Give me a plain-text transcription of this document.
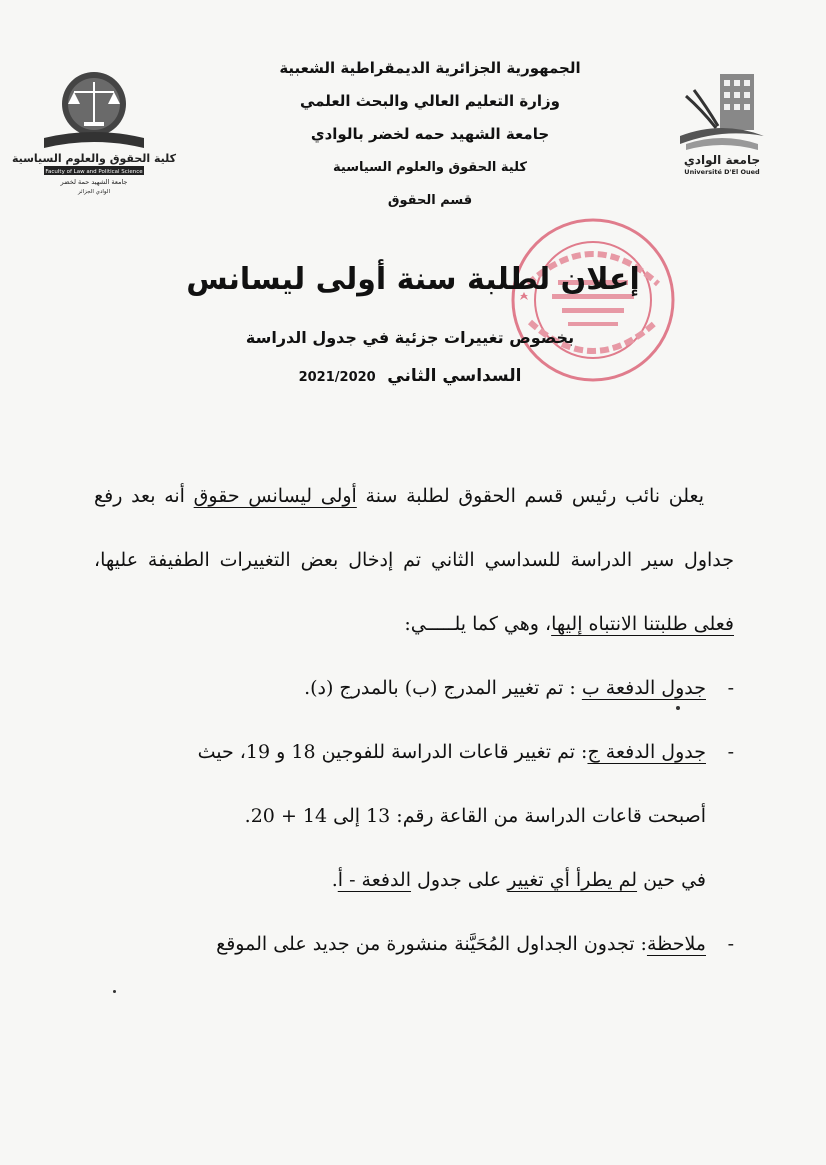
كلية الحقوق والعلوم السياسية
Faculty of Law and Political Science
جامعة الشهيد حمة لخضر
الوادي الجزائر
جامعة الوادي
Université D'El Oued
الجمهورية الجزائرية الديمقراطية الشعبية
وزارة التعليم العالي والبحث العلمي
جامعة الشهيد حمه لخضر بالوادي
كلية الحقوق والعلوم السياسية
قسم الحقوق
إعلان لطلبة سنة أولى ليسانس
بخصوص تغييرات جزئية في جدول الدراسة
السداسي الثاني 2021/2020
يعلن نائب رئيس قسم الحقوق لطلبة سنة أولى ليسانس حقوق أنه بعد رفع جداول سير الدراسة للسداسي الثاني تم إدخال بعض التغييرات الطفيفة عليها، فعلى طلبتنا الانتباه إليها، وهي كما يلـــــي:
-
جدول الدفعة ب : تم تغيير المدرج (ب) بالمدرج (د).
-
جدول الدفعة ج: تم تغيير قاعات الدراسة للفوجين 18 و 19، حيث
أصبحت قاعات الدراسة من القاعة رقم: 13 إلى 14 + 20.
في حين لم يطرأ أي تغيير على جدول الدفعة - أ.
-
ملاحظة: تجدون الجداول المُحَيَّنة منشورة من جديد على الموقع
